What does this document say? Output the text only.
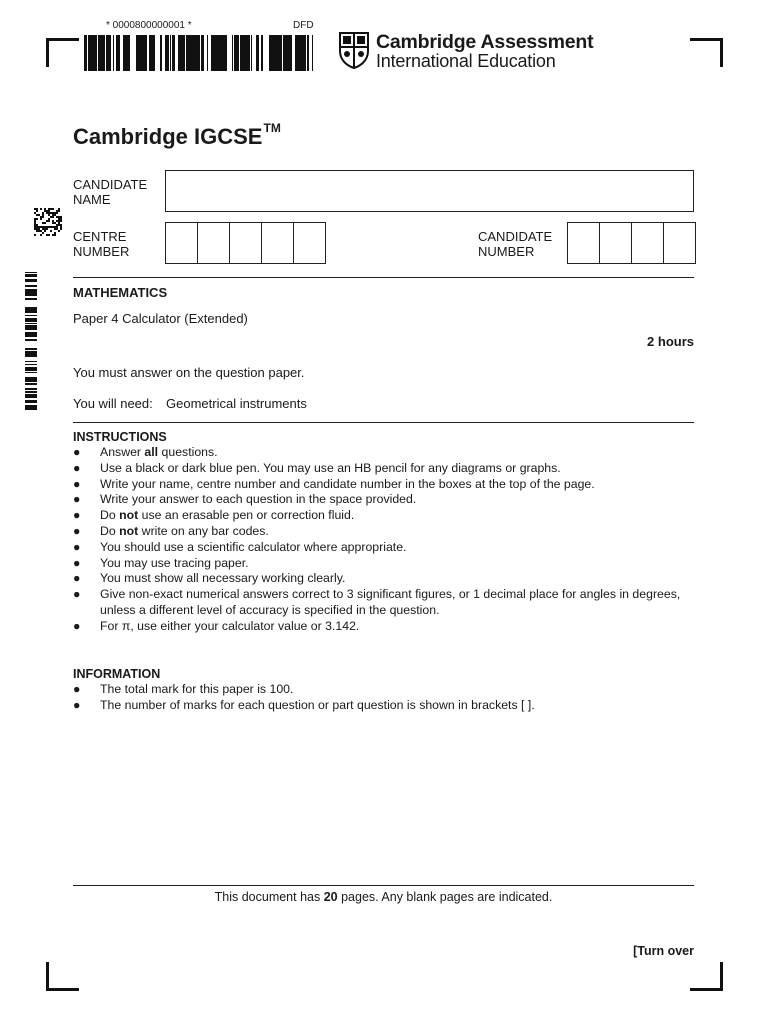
* 0000800000001 *	DFD
Cambridge Assessment
International Education
Cambridge IGCSE™
CANDIDATE
NAME
CENTRE
NUMBER
CANDIDATE
NUMBER
MATHEMATICS
Paper 4 Calculator (Extended)
2 hours
You must answer on the question paper.
You will need: Geometrical instruments
INSTRUCTIONS
● Answer all questions.
● Use a black or dark blue pen. You may use an HB pencil for any diagrams or graphs.
● Write your name, centre number and candidate number in the boxes at the top of the page.
● Write your answer to each question in the space provided.
● Do not use an erasable pen or correction fluid.
● Do not write on any bar codes.
● You should use a scientific calculator where appropriate.
● You may use tracing paper.
● You must show all necessary working clearly.
● Give non-exact numerical answers correct to 3 significant figures, or 1 decimal place for angles in degrees, unless a different level of accuracy is specified in the question.
● For π, use either your calculator value or 3.142.
INFORMATION
● The total mark for this paper is 100.
● The number of marks for each question or part question is shown in brackets [ ].
This document has 20 pages. Any blank pages are indicated.
[Turn over
